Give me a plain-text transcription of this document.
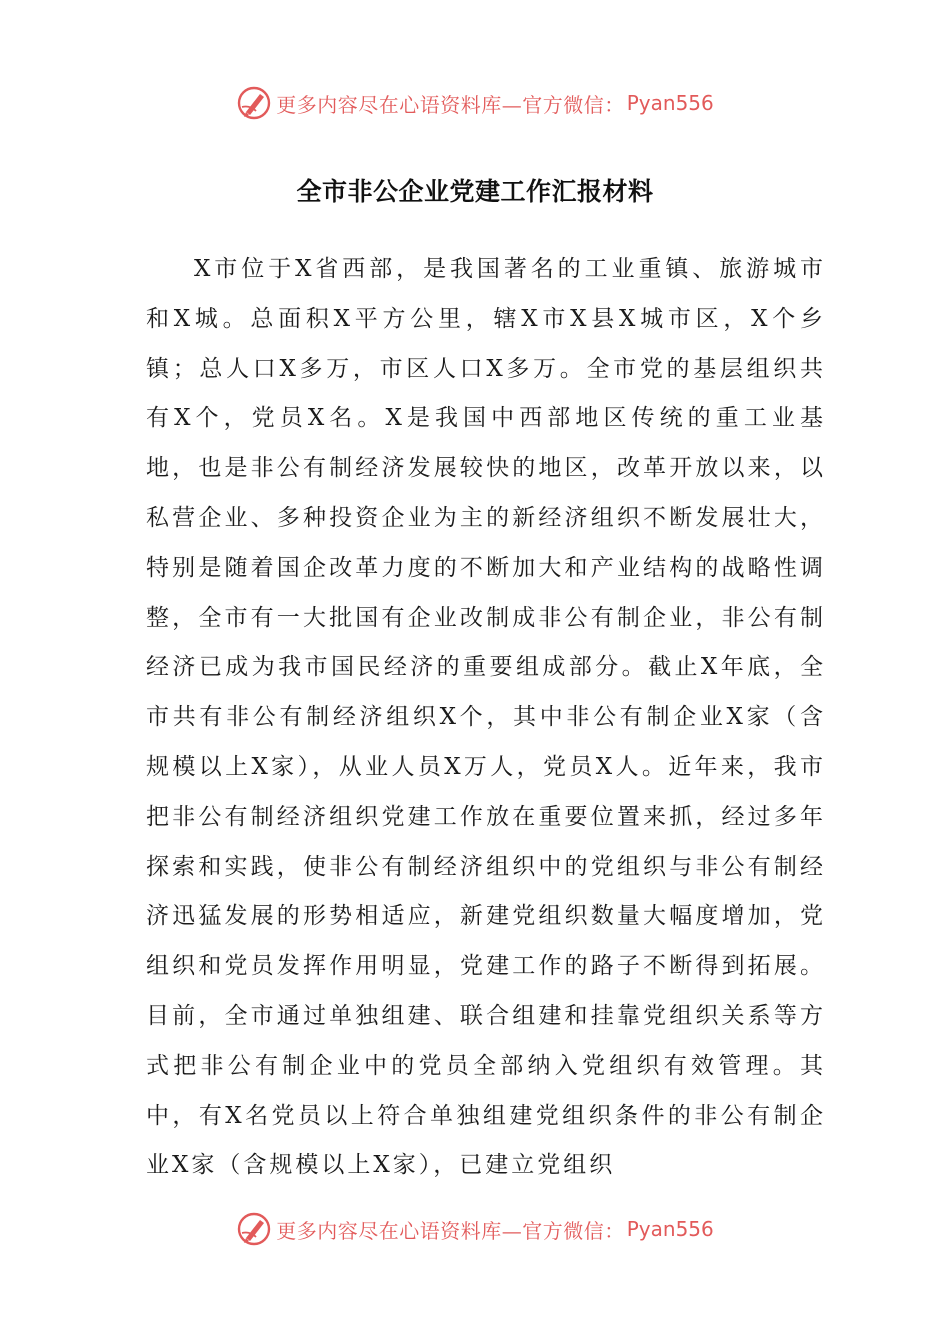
更多内容尽在心语资料库—官方微信： Pyan556
全市非公企业党建工作汇报材料

X市位于X省西部，是我国著名的工业重镇、旅游城市和X城。总面积X平方公里，辖X市X县X城市区，X个乡镇；总人口X多万，市区人口X多万。全市党的基层组织共有X个，党员X名。X是我国中西部地区传统的重工业基地，也是非公有制经济发展较快的地区，改革开放以来，以私营企业、多种投资企业为主的新经济组织不断发展壮大，特别是随着国企改革力度的不断加大和产业结构的战略性调整，全市有一大批国有企业改制成非公有制企业，非公有制经济已成为我市国民经济的重要组成部分。截止X年底，全市共有非公有制经济组织X个，其中非公有制企业X家（含规模以上X家），从业人员X万人，党员X人。近年来，我市把非公有制经济组织党建工作放在重要位置来抓，经过多年探索和实践，使非公有制经济组织中的党组织与非公有制经济迅猛发展的形势相适应，新建党组织数量大幅度增加，党组织和党员发挥作用明显，党建工作的路子不断得到拓展。目前，全市通过单独组建、联合组建和挂靠党组织关系等方式把非公有制企业中的党员全部纳入党组织有效管理。其中，有X名党员以上符合单独组建党组织条件的非公有制企业X家（含规模以上X家），已建立党组织

更多内容尽在心语资料库—官方微信： Pyan556
